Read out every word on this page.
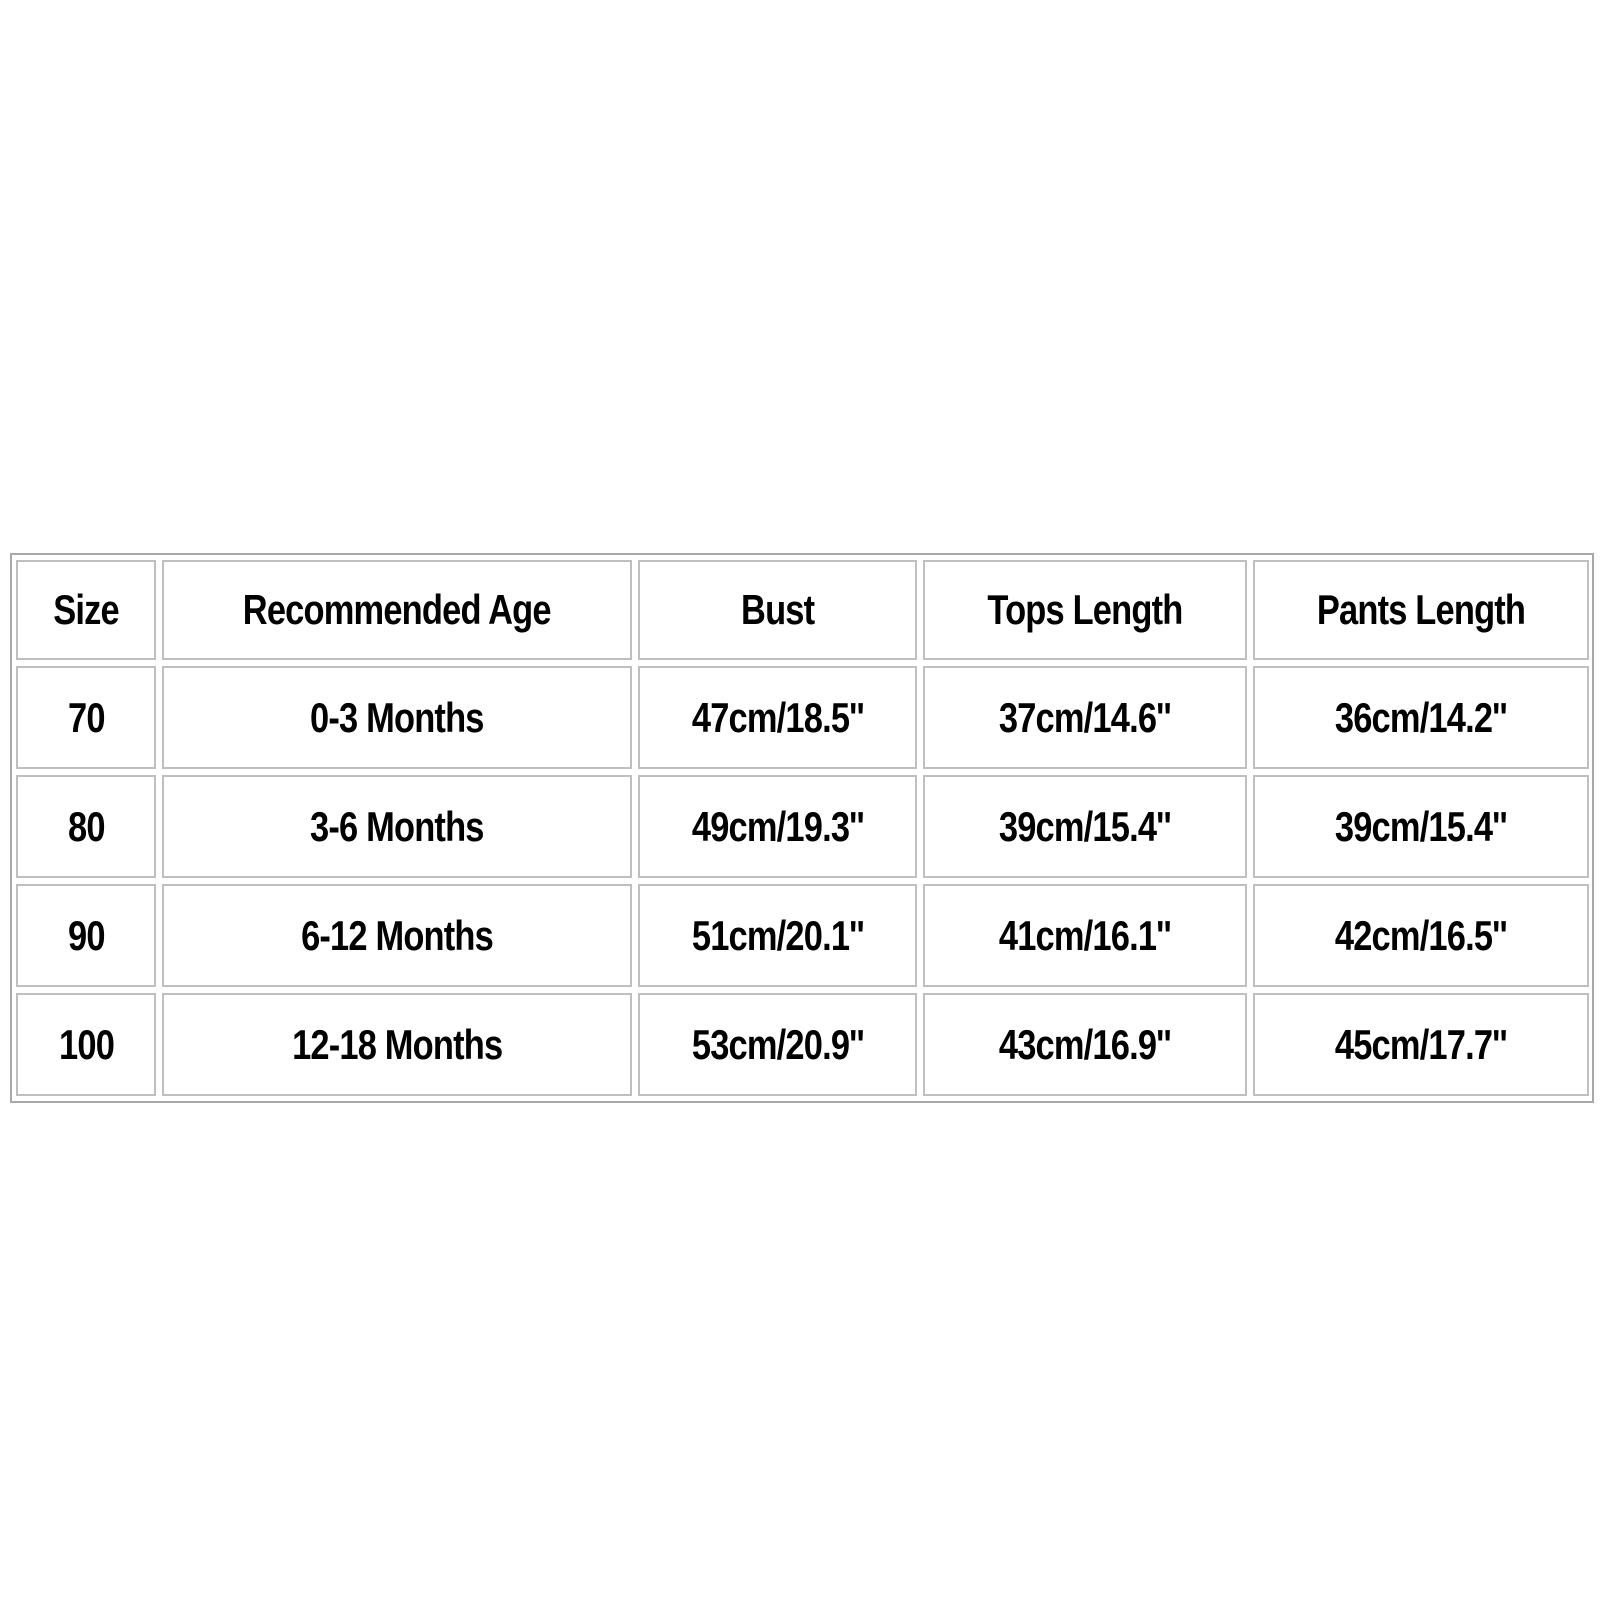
Size	Recommended Age	Bust	Tops Length	Pants Length
70	0-3 Months	47cm/18.5''	37cm/14.6''	36cm/14.2''
80	3-6 Months	49cm/19.3''	39cm/15.4''	39cm/15.4''
90	6-12 Months	51cm/20.1''	41cm/16.1''	42cm/16.5''
100	12-18 Months	53cm/20.9''	43cm/16.9''	45cm/17.7''
